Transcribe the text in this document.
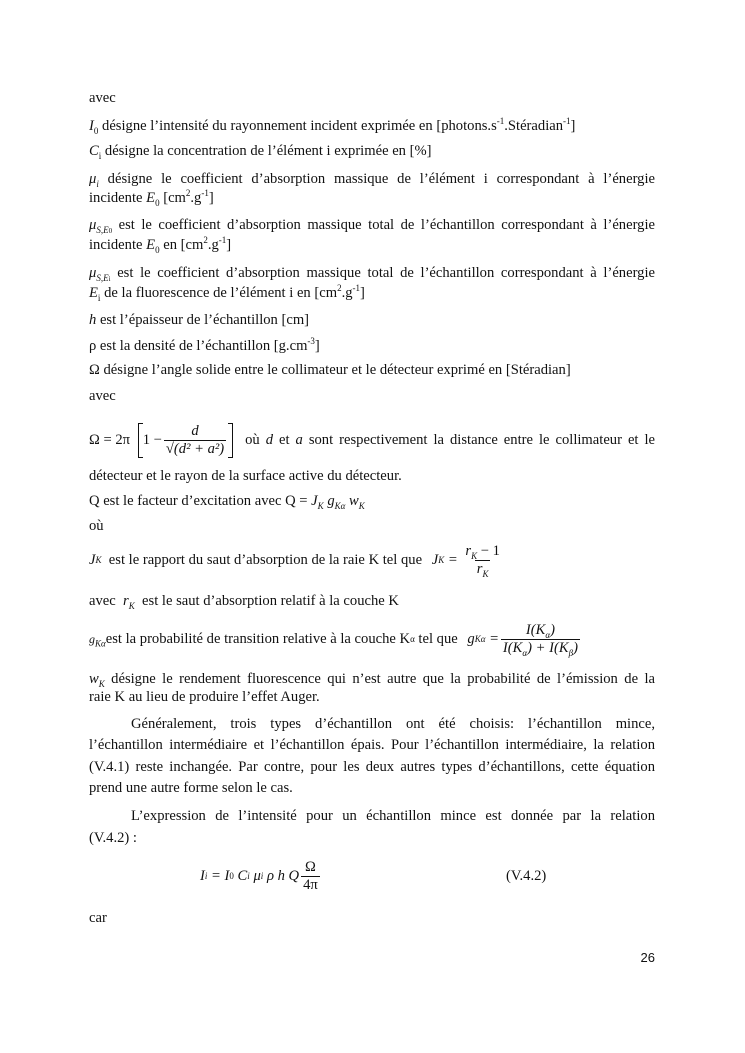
avec
$I_0$ désigne l’intensité du rayonnement incident exprimée en $[photons.s^{-1}.Stéradian^{-1}]$
$C_i$ désigne la concentration de l’élément i exprimée en [%]
$\mu_i$ désigne le coefficient d’absorption massique de l’élément i correspondant à l’énergie
incidente $E_0$ $[cm^2.g^{-1}]$
$\mu_{S,E0}$ est le coefficient d’absorption massique total de l’échantillon correspondant à l’énergie
incidente $E_0$ en $[cm^2.g^{-1}]$
$\mu_{S,Ei}$ est le coefficient d’absorption massique total de l’échantillon correspondant à l’énergie
$E_i$ de la fluorescence de l’élément i en $[cm^2.g^{-1}]$
h est l’épaisseur de l’échantillon [cm]
ρ est la densité de l’échantillon $[g.cm^{-3}]$
Ω désigne l’angle solide entre le collimateur et le détecteur exprimé en [Stéradian]
avec
Ω = 2π $1 - \frac{d}{\text{√(d² + a²)}}$ où d et a sont respectivement la distance entre le collimateur et le
détecteur et le rayon de la surface active du détecteur.
Q est le facteur d’excitation avec $Q = J_K$ $g_{K\alpha}$ $w_K$
où
J K est le rapport du saut d’absorption de la raie K tel que J $K = \frac{r_K - 1}{r_K}$
avec  $r_K$  est le saut d’absorption relatif à la couche K
$g_{K\alpha}$ est la probabilité de transition relative à la couche K α tel que g $K\alpha = \frac{I(K_\alpha)}{I(K_\alpha) + I(K_\beta)}$
$w_K$ désigne le rendement fluorescence qui n’est autre que la probabilité de l’émission de la
raie K au lieu de produire l’effet Auger.
Généralement, trois types d’échantillon ont été choisis: l’échantillon mince,
l’échantillon intermédiaire et l’échantillon épais. Pour l’échantillon intermédiaire, la relation
(V.4.1) reste inchangée. Par contre, pour les deux autres types d’échantillons, cette équation
prend une autre forme selon le cas.
L’expression de l’intensité pour un échantillon mince est donnée par la relation
(V.4.2) :
I i = I 0 C i μ i ρ h Q $\frac{\Omega}{4\pi}$	(V.4.2)
car
26
